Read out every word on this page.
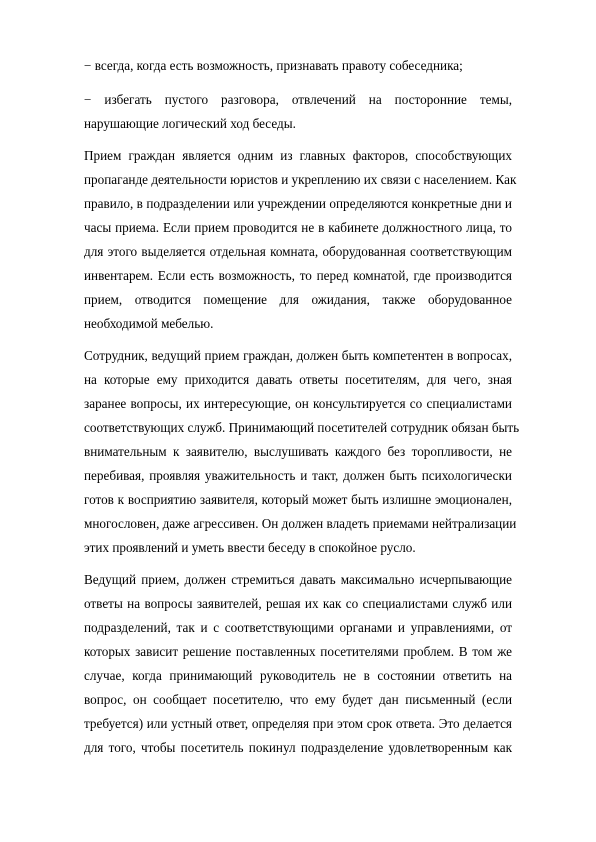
− всегда, когда есть возможность, признавать правоту собеседника;
− избегать пустого разговора, отвлечений на посторонние темы,
нарушающие логический ход беседы.
Прием граждан является одним из главных факторов, способствующих
пропаганде деятельности юристов и укреплению их связи с населением. Как
правило, в подразделении или учреждении определяются конкретные дни и
часы приема. Если прием проводится не в кабинете должностного лица, то
для этого выделяется отдельная комната, оборудованная соответствующим
инвентарем. Если есть возможность, то перед комнатой, где производится
прием, отводится помещение для ожидания, также оборудованное
необходимой мебелью.
Сотрудник, ведущий прием граждан, должен быть компетентен в вопросах,
на которые ему приходится давать ответы посетителям, для чего, зная
заранее вопросы, их интересующие, он консультируется со специалистами
соответствующих служб. Принимающий посетителей сотрудник обязан быть
внимательным к заявителю, выслушивать каждого без торопливости, не
перебивая, проявляя уважительность и такт, должен быть психологически
готов к восприятию заявителя, который может быть излишне эмоционален,
многословен, даже агрессивен. Он должен владеть приемами нейтрализации
этих проявлений и уметь ввести беседу в спокойное русло.
Ведущий прием, должен стремиться давать максимально исчерпывающие
ответы на вопросы заявителей, решая их как со специалистами служб или
подразделений, так и с соответствующими органами и управлениями, от
которых зависит решение поставленных посетителями проблем. В том же
случае, когда принимающий руководитель не в состоянии ответить на
вопрос, он сообщает посетителю, что ему будет дан письменный (если
требуется) или устный ответ, определяя при этом срок ответа. Это делается
для того, чтобы посетитель покинул подразделение удовлетворенным как
